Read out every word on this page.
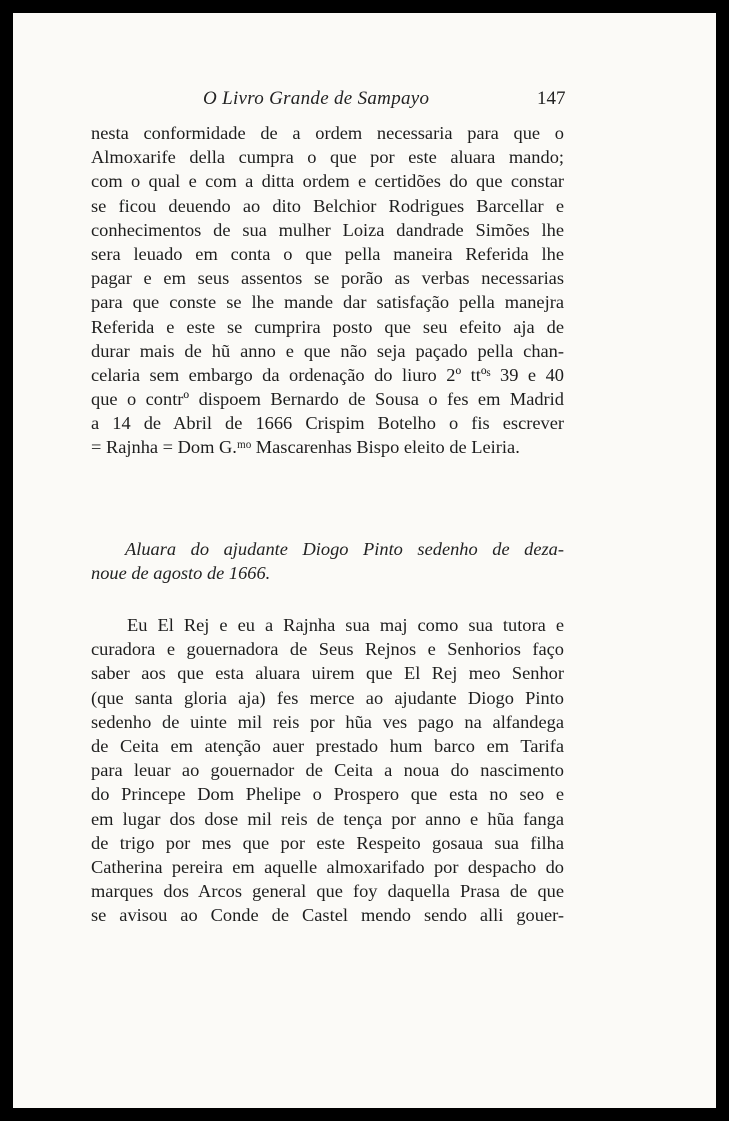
O Livro Grande de Sampayo	147
nesta conformidade de a ordem necessaria para que o
Almoxarife della cumpra o que por este aluara mando;
com o qual e com a ditta ordem e certidões do que constar
se ficou deuendo ao dito Belchior Rodrigues Barcellar e
conhecimentos de sua mulher Loiza dandrade Simões lhe
sera leuado em conta o que pella maneira Referida lhe
pagar e em seus assentos se porão as verbas necessarias
para que conste se lhe mande dar satisfação pella manejra
Referida e este se cumprira posto que seu efeito aja de
durar mais de hũ anno e que não seja paçado pella chan-
celaria sem embargo da ordenação do liuro 2º ttºˢ 39 e 40
que o contrº dispoem Bernardo de Sousa o fes em Madrid
a 14 de Abril de 1666 Crispim Botelho o fis escrever
= Rajnha = Dom G.ᵐᵒ Mascarenhas Bispo eleito de Leiria.
Aluara do ajudante Diogo Pinto sedenho de deza-
noue de agosto de 1666.
Eu El Rej e eu a Rajnha sua maj como sua tutora e
curadora e gouernadora de Seus Rejnos e Senhorios faço
saber aos que esta aluara uirem que El Rej meo Senhor
(que santa gloria aja) fes merce ao ajudante Diogo Pinto
sedenho de uinte mil reis por hũa ves pago na alfandega
de Ceita em atenção auer prestado hum barco em Tarifa
para leuar ao gouernador de Ceita a noua do nascimento
do Princepe Dom Phelipe o Prospero que esta no seo e
em lugar dos dose mil reis de tença por anno e hũa fanga
de trigo por mes que por este Respeito gosaua sua filha
Catherina pereira em aquelle almoxarifado por despacho do
marques dos Arcos general que foy daquella Prasa de que
se avisou ao Conde de Castel mendo sendo alli gouer-
